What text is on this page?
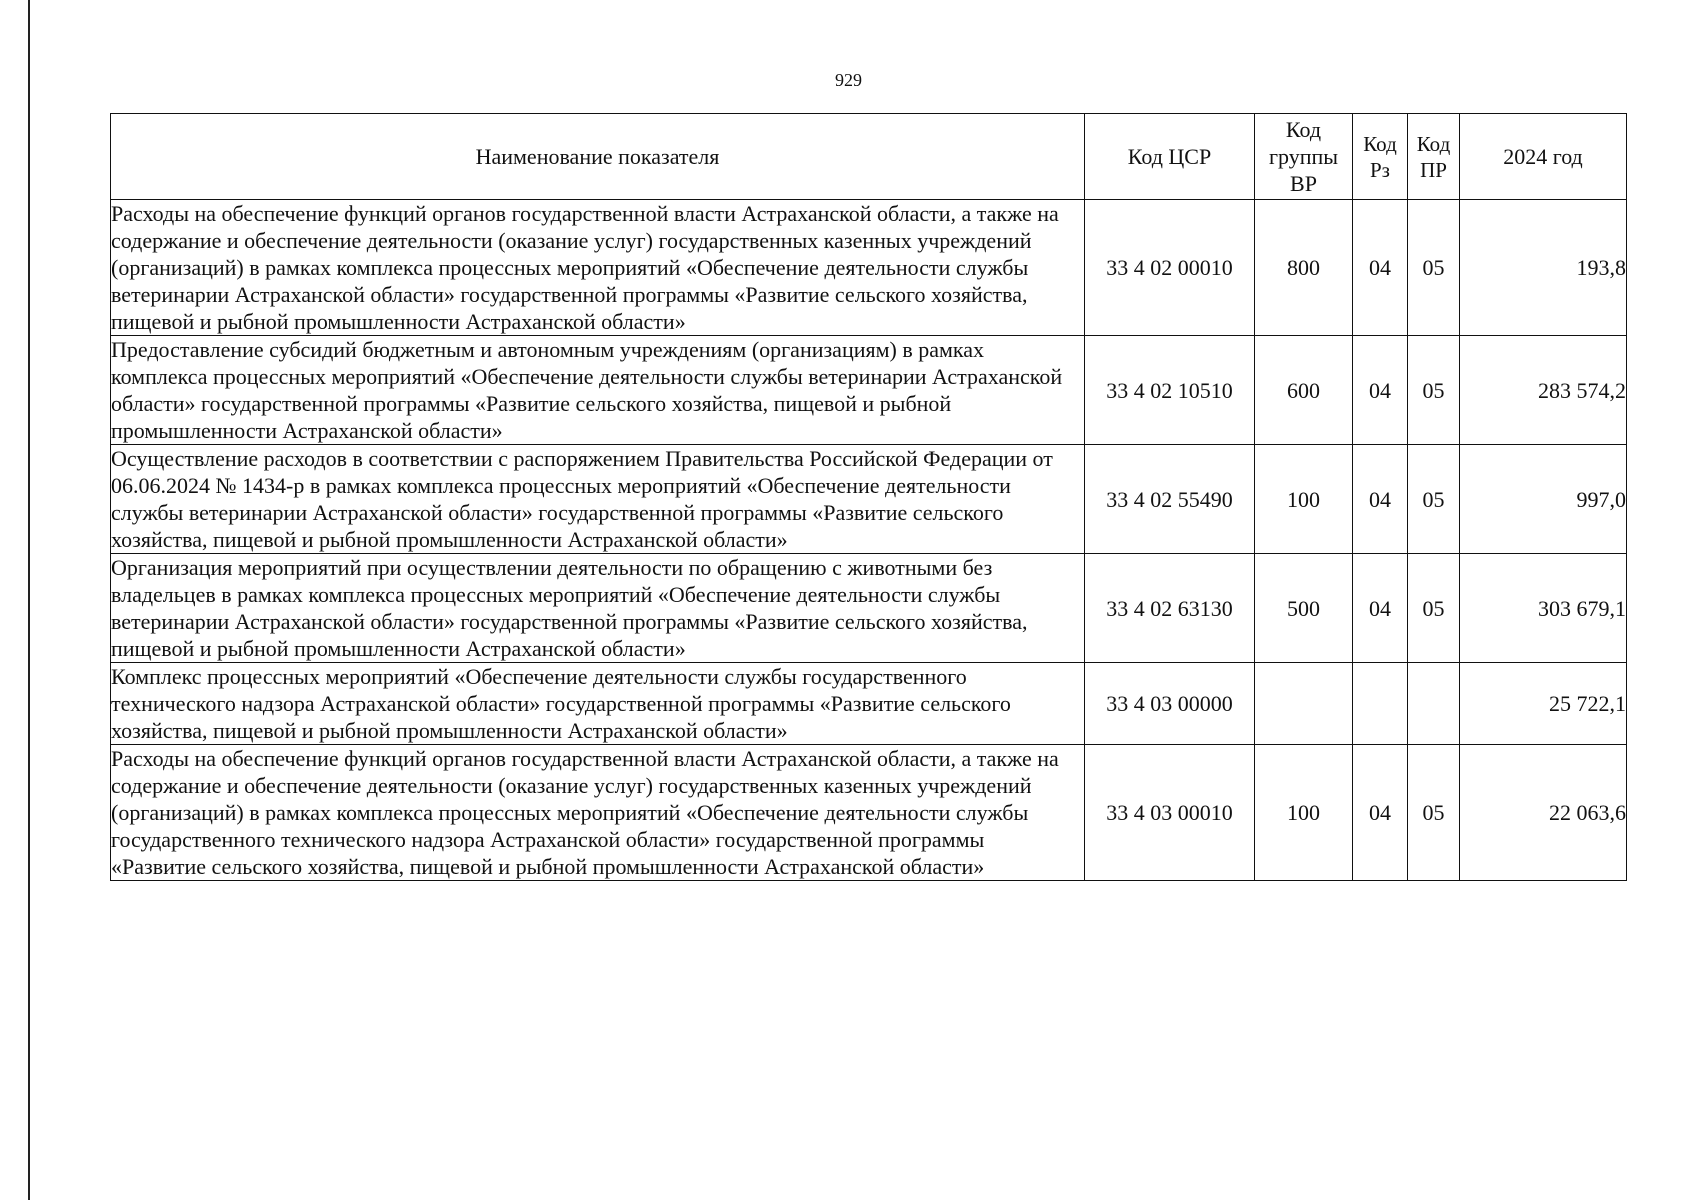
929
Наименование показателя	Код ЦСР	Код группы ВР	Код Рз	Код ПР	2024 год
Расходы на обеспечение функций органов государственной власти Астраханской области, а также на содержание и обеспечение деятельности (оказание услуг) государственных казенных учреждений (организаций) в рамках комплекса процессных мероприятий «Обеспечение деятельности службы ветеринарии Астраханской области» государственной программы «Развитие сельского хозяйства, пищевой и рыбной промышленности Астраханской области»	33 4 02 00010	800	04	05	193,8
Предоставление субсидий бюджетным и автономным учреждениям (организациям) в рамках комплекса процессных мероприятий «Обеспечение деятельности службы ветеринарии Астраханской области» государственной программы «Развитие сельского хозяйства, пищевой и рыбной промышленности Астраханской области»	33 4 02 10510	600	04	05	283 574,2
Осуществление расходов в соответствии с распоряжением Правительства Российской Федерации от 06.06.2024 № 1434-р в рамках комплекса процессных мероприятий «Обеспечение деятельности службы ветеринарии Астраханской области» государственной программы «Развитие сельского хозяйства, пищевой и рыбной промышленности Астраханской области»	33 4 02 55490	100	04	05	997,0
Организация мероприятий при осуществлении деятельности по обращению с животными без владельцев в рамках комплекса процессных мероприятий «Обеспечение деятельности службы ветеринарии Астраханской области» государственной программы «Развитие сельского хозяйства, пищевой и рыбной промышленности Астраханской области»	33 4 02 63130	500	04	05	303 679,1
Комплекс процессных мероприятий «Обеспечение деятельности службы государственного технического надзора Астраханской области» государственной программы «Развитие сельского хозяйства, пищевой и рыбной промышленности Астраханской области»	33 4 03 00000				25 722,1
Расходы на обеспечение функций органов государственной власти Астраханской области, а также на содержание и обеспечение деятельности (оказание услуг) государственных казенных учреждений (организаций) в рамках комплекса процессных мероприятий «Обеспечение деятельности службы государственного технического надзора Астраханской области» государственной программы «Развитие сельского хозяйства, пищевой и рыбной промышленности Астраханской области»	33 4 03 00010	100	04	05	22 063,6
